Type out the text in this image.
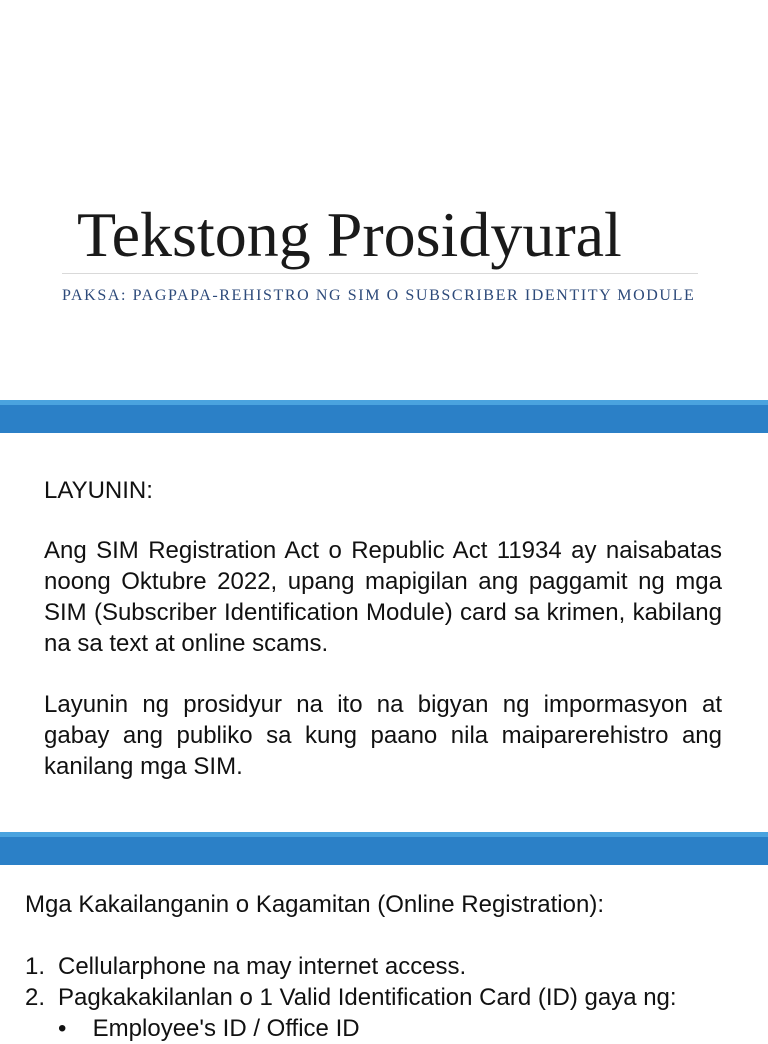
Tekstong Prosidyural
PAKSA: PAGPAPA-REHISTRO NG SIM O SUBSCRIBER IDENTITY MODULE
LAYUNIN:

Ang SIM Registration Act o Republic Act 11934 ay naisabatas noong Oktubre 2022, upang mapigilan ang paggamit ng mga SIM (Subscriber Identification Module) card sa krimen, kabilang na sa text at online scams.

Layunin ng prosidyur na ito na bigyan ng impormasyon at gabay ang publiko sa kung paano nila maiparerehistro ang kanilang mga SIM.

Mga Kakailanganin o Kagamitan (Online Registration):
1. Cellularphone na may internet access.
2. Pagkakakilanlan o 1 Valid Identification Card (ID) gaya ng:
• Employee's ID / Office ID
